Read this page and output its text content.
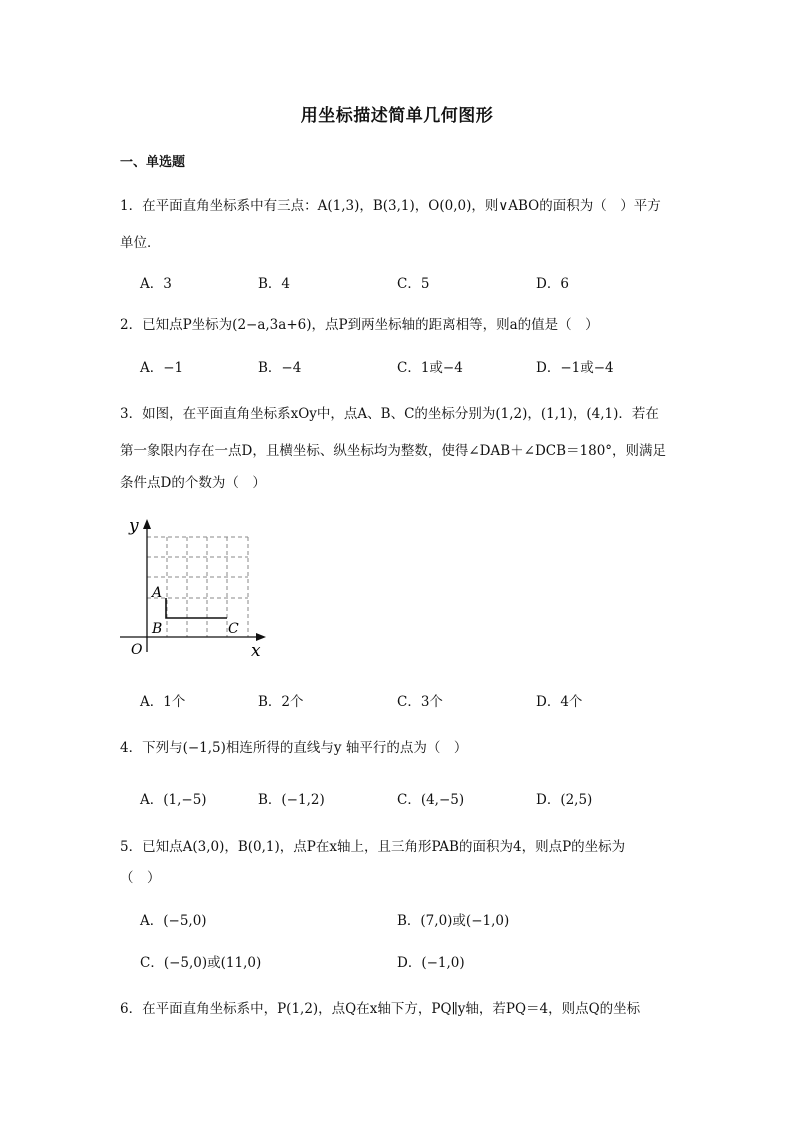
用坐标描述简单几何图形
一、单选题
1．在平面直角坐标系中有三点：A(1,3)，B(3,1)，O(0,0)，则∨ABO的面积为（　）平方
单位．
A．3	B．4	C．5	D．6
2．已知点P坐标为(2−a,3a+6)，点P到两坐标轴的距离相等，则a的值是（　）
A．−1	B．−4	C．1或−4	D．−1或−4
3．如图，在平面直角坐标系xOy中，点A、B、C的坐标分别为(1,2)，(1,1)，(4,1)．若在
第一象限内存在一点D，且横坐标、纵坐标均为整数，使得∠DAB＋∠DCB＝180°，则满足
条件点D的个数为（　）
y
x
O
A
B	C
A．1个	B．2个	C．3个	D．4个
4．下列与(−1,5)相连所得的直线与y 轴平行的点为（　）
A．(1,−5)	B．(−1,2)	C．(4,−5)	D．(2,5)
5．已知点A(3,0)，B(0,1)，点P在x轴上，且三角形PAB的面积为4，则点P的坐标为
（　）
A．(−5,0)	B．(7,0)或(−1,0)
C．(−5,0)或(11,0)	D．(−1,0)
6．在平面直角坐标系中，P(1,2)，点Q在x轴下方，PQ∥y轴，若PQ＝4，则点Q的坐标
